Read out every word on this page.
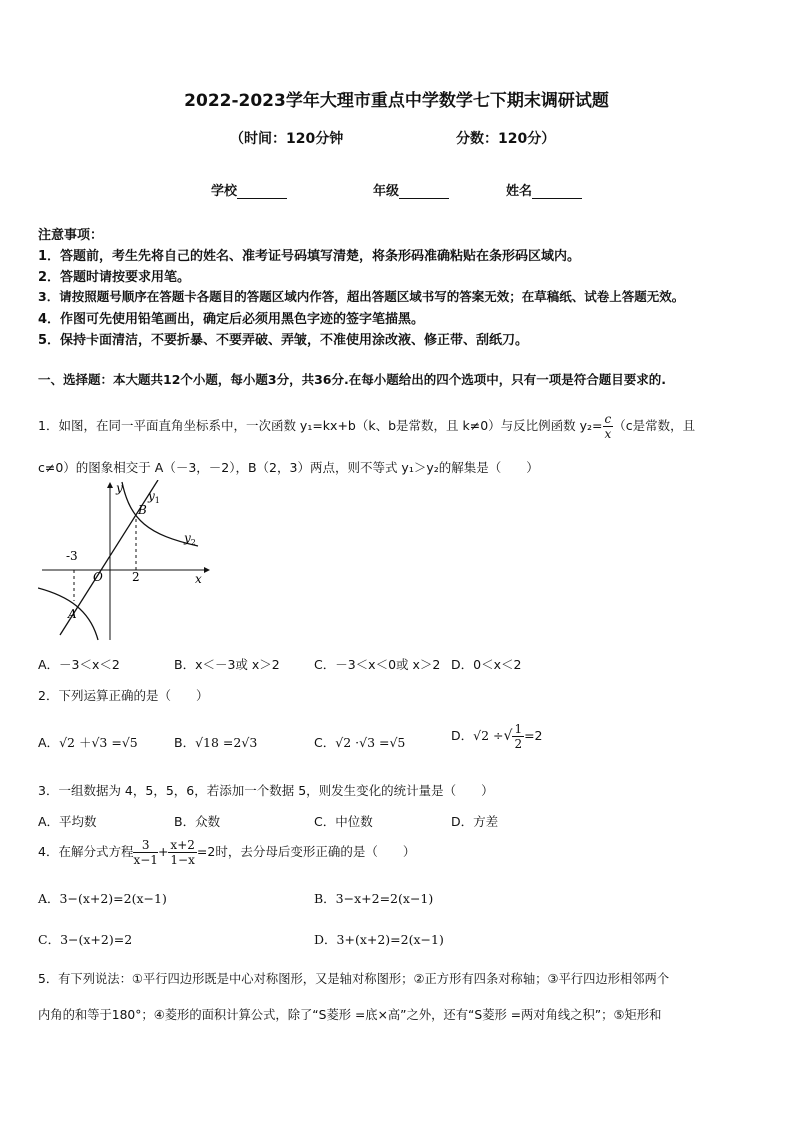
2022-2023学年大理市重点中学数学七下期末调研试题
（时间：120分钟	分数：120分）
学校	年级	姓名
注意事项：
1．答题前，考生先将自己的姓名、准考证号码填写清楚，将条形码准确粘贴在条形码区域内。
2．答题时请按要求用笔。
3．请按照题号顺序在答题卡各题目的答题区域内作答，超出答题区域书写的答案无效；在草稿纸、试卷上答题无效。
4．作图可先使用铅笔画出，确定后必须用黑色字迹的签字笔描黑。
5．保持卡面清洁，不要折暴、不要弄破、弄皱，不准使用涂改液、修正带、刮纸刀。
一、选择题：本大题共12个小题，每小题3分，共36分.在每小题给出的四个选项中，只有一项是符合题目要求的.
1．如图，在同一平面直角坐标系中，一次函数 y₁=kx+b（k、b是常数，且 k≠0）与反比例函数 $y_2= \frac{c}{x} (c$是常数，且
c≠0）的图象相交于 A（－3，－2），B（2，3）两点，则不等式 y₁＞y₂的解集是（　　）
y
x
O
$y_1$
$y_2$
B
A
-3
2
A．－3＜x＜2	B．x＜－3或 x＞2	C．－3＜x＜0或 x＞2 D．0＜x＜2
2．下列运算正确的是（　　）
A．√2 ＋√3 =√5	B．√18 =2√3	C．√2 ·√3 =√5	D．√2 ÷√ $\frac{1}{2} =2$
3．一组数据为 4，5，5，6，若添加一个数据 5，则发生变化的统计量是（　　）
A．平均数	B．众数	C．中位数	D．方差
4．在解分式方程 $\frac{3}{x-1} + \frac{x+2}{1-x} =2$时，去分母后变形正确的是（　　）
A．3−(x+2)=2(x−1)	B．3−x+2=2(x−1)
C．3−(x+2)=2	D．3+(x+2)=2(x−1)
5．有下列说法：①平行四边形既是中心对称图形，又是轴对称图形；②正方形有四条对称轴；③平行四边形相邻两个
内角的和等于180°；④菱形的面积计算公式，除了“S菱形 =底×高”之外，还有“S菱形 =两对角线之积”；⑤矩形和
